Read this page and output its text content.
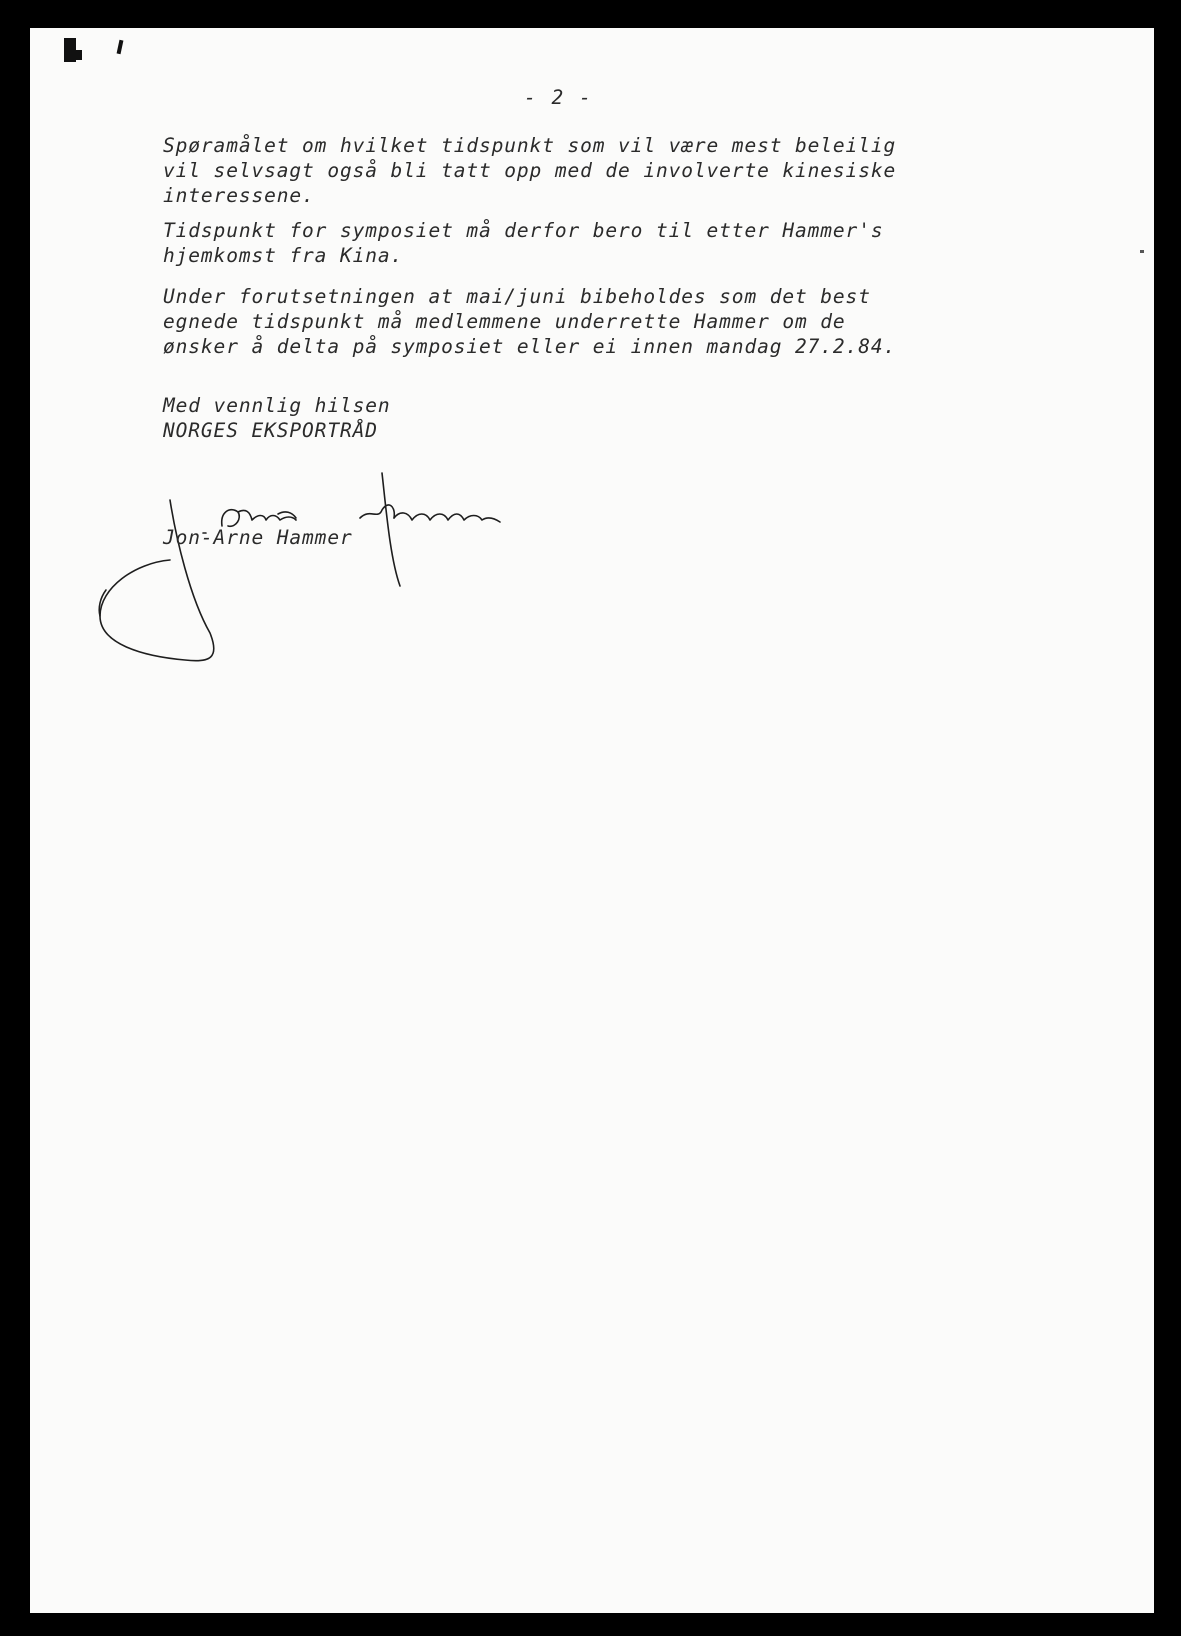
- 2 -

Spøramålet om hvilket tidspunkt som vil være mest beleilig
vil selvsagt også bli tatt opp med de involverte kinesiske
interessene.
Tidspunkt for symposiet må derfor bero til etter Hammer's
hjemkomst fra Kina.
Under forutsetningen at mai/juni bibeholdes som det best
egnede tidspunkt må medlemmene underrette Hammer om de
ønsker å delta på symposiet eller ei innen mandag 27.2.84.
Med vennlig hilsen
NORGES EKSPORTRÅD

Jon-Arne Hammer
